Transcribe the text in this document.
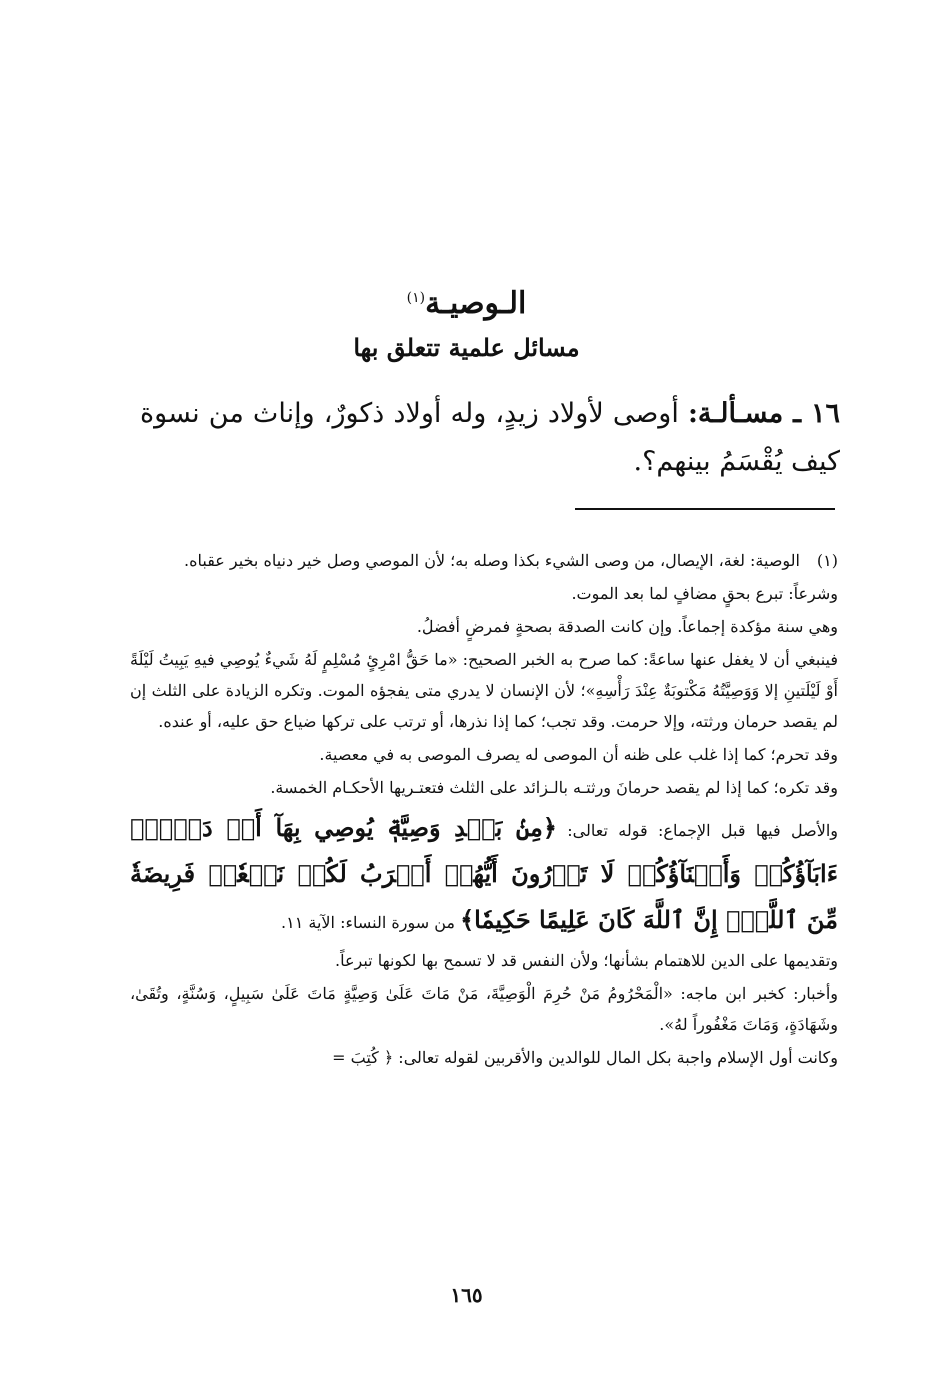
الـوصيـة$^{(١)}$
مسائل علمية تتعلق بها
١٦ ـ مسـألـة: أوصى لأولاد زيدٍ، وله أولاد ذكورٌ، وإناث من نسوة كيف يُقْسَمُ بينهم؟.

(١)
الوصية: لغة، الإيصال، من وصى الشيء بكذا وصله به؛ لأن الموصي وصل خير دنياه بخير عقباه.

وشرعاً: تبرع بحقٍ مضافٍ لما بعد الموت.

وهي سنة مؤكدة إجماعاً. وإن كانت الصدقة بصحةٍ فمرضٍ أفضلُ.

فينبغي أن لا يغفل عنها ساعةً: كما صرح به الخبر الصحيح: «ما حَقُّ امْرِئٍ مُسْلِمٍ لَهُ شَيءٌ يُوصِي فيهِ يَبِيتُ لَيْلَةً أَوْ لَيْلَتينِ إلا وَوَصِيَّتُهُ مَكْتوبَةٌ عِنْدَ رَأْسِهِ»؛ لأن الإنسان لا يدري متى يفجؤه الموت. وتكره الزيادة على الثلث إن لم يقصد حرمان ورثته، وإلا حرمت. وقد تجب؛ كما إذا نذرها، أو ترتب على تركها ضياع حق عليه، أو عنده.

وقد تحرم؛ كما إذا غلب على ظنه أن الموصى له يصرف الموصى به في معصية.

وقد تكره؛ كما إذا لم يقصد حرمانَ ورثتـه بالـزائد على الثلث فتعتـريها الأحكـام الخمسة.

والأصل فيها قبل الإجماع: قوله تعالى: ﴿مِنۢ بَعۡدِ وَصِيَّةٖ يُوصِي بِهَآ أَوۡ دَيۡنٍۗ ءَابَآؤُكُمۡ وَأَبۡنَآؤُكُمۡ لَا تَدۡرُونَ أَيُّهُمۡ أَقۡرَبُ لَكُمۡ نَفۡعٗاۚ فَرِيضَةٗ مِّنَ ٱللَّهِۗ إِنَّ ٱللَّهَ كَانَ عَلِيمًا حَكِيمٗا﴾ من سورة النساء: الآية ١١.

وتقديمها على الدين للاهتمام بشأنها؛ ولأن النفس قد لا تسمح بها لكونها تبرعاً.

وأخبار: كخبر ابن ماجه: «الْمَحْرُومُ مَنْ حُرِمَ الْوَصِيَّةَ، مَنْ مَاتَ عَلَىٰ وَصِيَّةٍ مَاتَ عَلَىٰ سَبِيلٍ، وَسُنَّةٍ، وتُقَىٰ، وشَهَادَةٍ، وَمَاتَ مَغْفُوراً لهُ».

وكانت أول الإسلام واجبة بكل المال للوالدين والأقربين لقوله تعالى: ﴿ كُتِبَ =

١٦٥
